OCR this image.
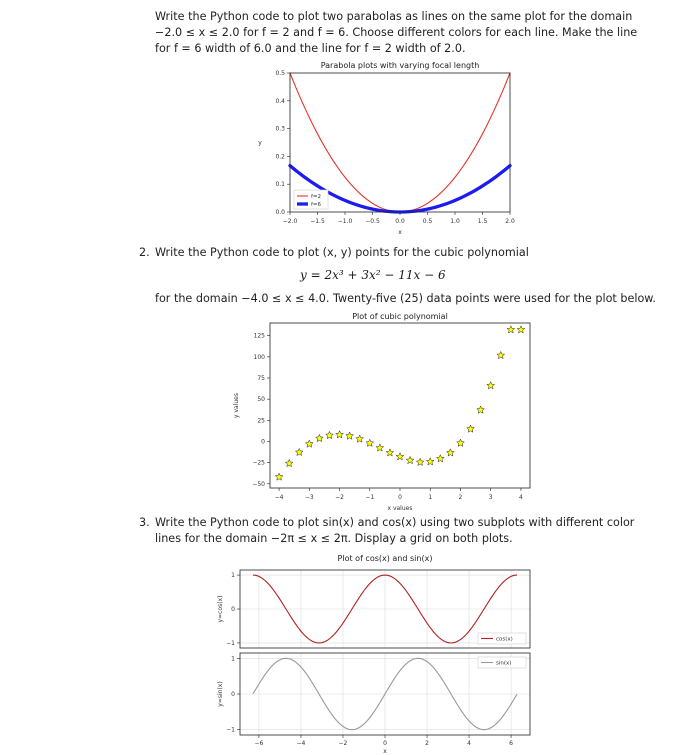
Write the Python code to plot two parabolas as lines on the same plot for the domain
−2.0 ≤ x ≤ 2.0 for f = 2 and f = 6. Choose different colors for each line. Make the line
for f = 6 width of 6.0 and the line for f = 2 width of 2.0.
2. Write the Python code to plot (x, y) points for the cubic polynomial
y = 2x³ + 3x² − 11x − 6
for the domain −4.0 ≤ x ≤ 4.0. Twenty-five (25) data points were used for the plot below.
3. Write the Python code to plot sin(x) and cos(x) using two subplots with different color
lines for the domain −2π ≤ x ≤ 2π. Display a grid on both plots.
Parabola plots with varying focal length
−2.0 −1.5 −1.0 −0.5	0.0	0.5	1.0	1.5	2.0
0.0
0.1
0.2
0.3
0.4
0.5
x
y
f=2
f=6
Plot of cubic polynomial
−4	−3	−2	−1	0	1	2	3	4
125
100
75
50
25
0
−25
−50
x values
y values
Plot of cos(x) and sin(x)
1
0
−1
y=cos(x)
cos(x)
1
0
−1
y=sin(x)
sin(x)
−6	−4	−2	0	2	4	6
x
